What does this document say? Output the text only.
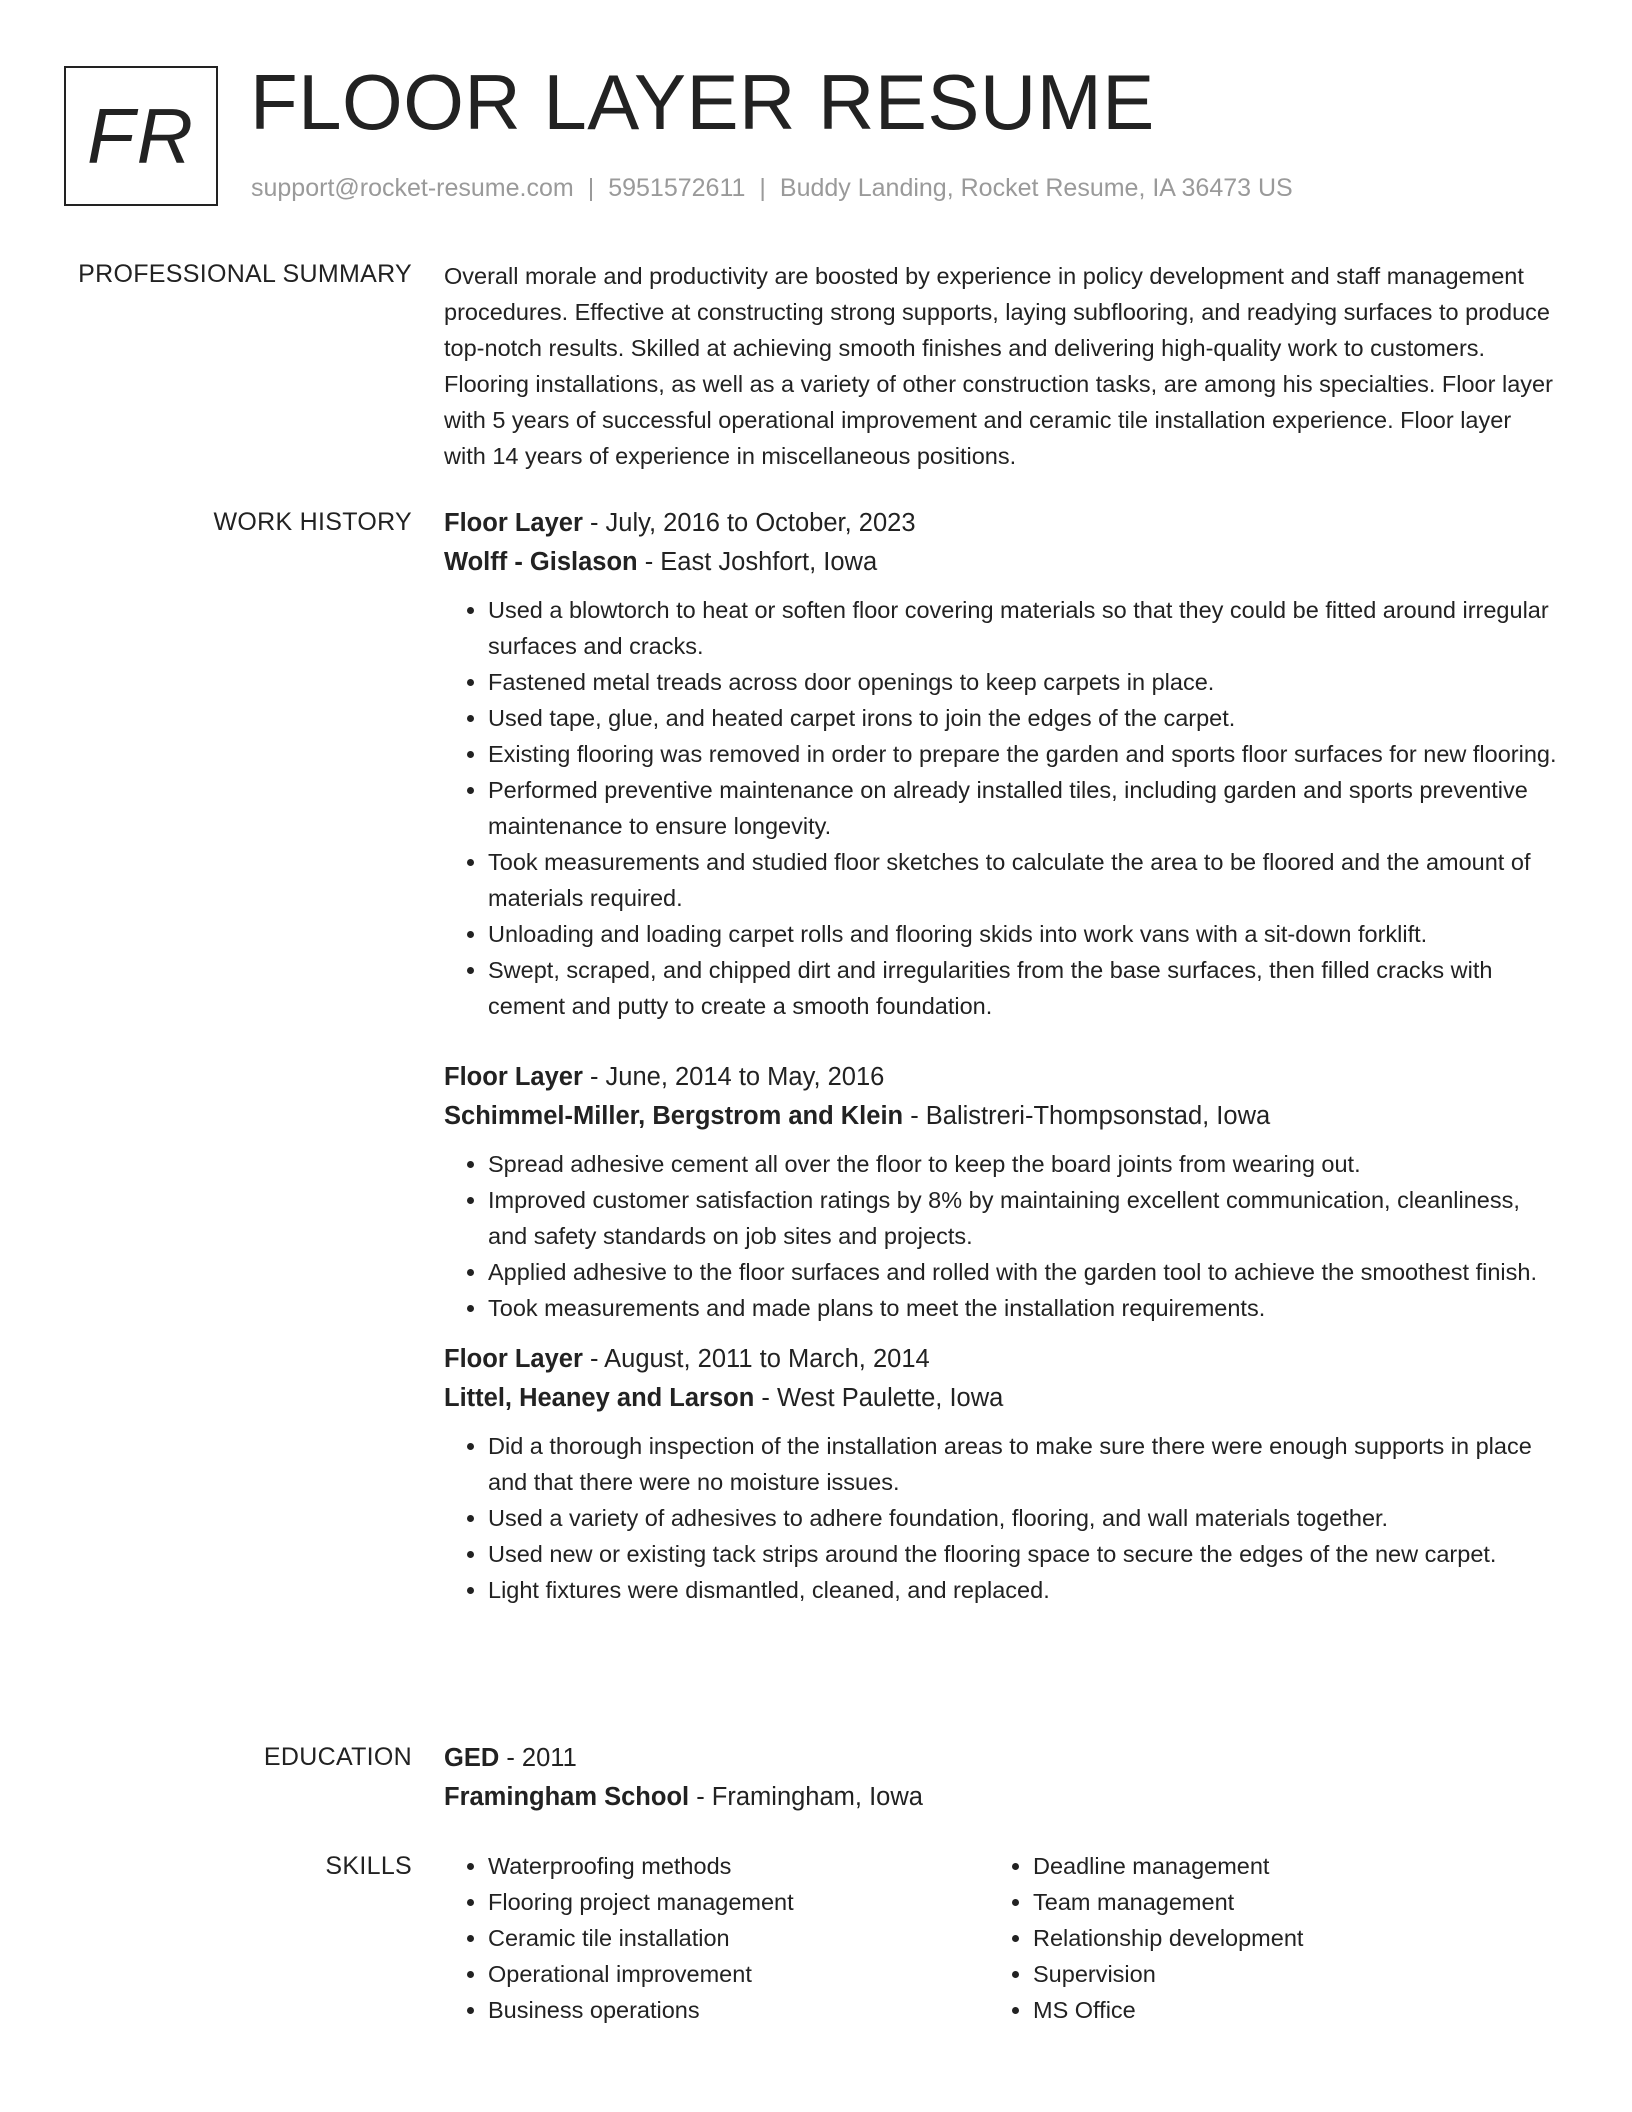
FR FLOOR LAYER RESUME
support@rocket-resume.com | 5951572611 | Buddy Landing, Rocket Resume, IA 36473 US
PROFESSIONAL SUMMARY Overall morale and productivity are boosted by experience in policy development and staff management procedures. Effective at constructing strong supports, laying subflooring, and readying surfaces to produce top-notch results. Skilled at achieving smooth finishes and delivering high-quality work to customers. Flooring installations, as well as a variety of other construction tasks, are among his specialties. Floor layer with 5 years of successful operational improvement and ceramic tile installation experience. Floor layer with 14 years of experience in miscellaneous positions.

WORK HISTORY Floor Layer - July, 2016 to October, 2023
Wolff - Gislason - East Joshfort, Iowa
• Used a blowtorch to heat or soften floor covering materials so that they could be fitted around irregular surfaces and cracks.
• Fastened metal treads across door openings to keep carpets in place.
• Used tape, glue, and heated carpet irons to join the edges of the carpet.
• Existing flooring was removed in order to prepare the garden and sports floor surfaces for new flooring.
• Performed preventive maintenance on already installed tiles, including garden and sports preventive maintenance to ensure longevity.
• Took measurements and studied floor sketches to calculate the area to be floored and the amount of materials required.
• Unloading and loading carpet rolls and flooring skids into work vans with a sit-down forklift.
• Swept, scraped, and chipped dirt and irregularities from the base surfaces, then filled cracks with cement and putty to create a smooth foundation.
Floor Layer - June, 2014 to May, 2016
Schimmel-Miller, Bergstrom and Klein - Balistreri-Thompsonstad, Iowa
• Spread adhesive cement all over the floor to keep the board joints from wearing out.
• Improved customer satisfaction ratings by 8% by maintaining excellent communication, cleanliness, and safety standards on job sites and projects.
• Applied adhesive to the floor surfaces and rolled with the garden tool to achieve the smoothest finish.
• Took measurements and made plans to meet the installation requirements.
Floor Layer - August, 2011 to March, 2014
Littel, Heaney and Larson - West Paulette, Iowa
• Did a thorough inspection of the installation areas to make sure there were enough supports in place and that there were no moisture issues.
• Used a variety of adhesives to adhere foundation, flooring, and wall materials together.
• Used new or existing tack strips around the flooring space to secure the edges of the new carpet.
• Light fixtures were dismantled, cleaned, and replaced.
EDUCATION GED - 2011
Framingham School - Framingham, Iowa
SKILLS
•	Waterproofing methods
• Flooring project management
• Ceramic tile installation
• Operational improvement
• Business operations
• Deadline management
• Team management
• Relationship development
• Supervision
• MS Office
